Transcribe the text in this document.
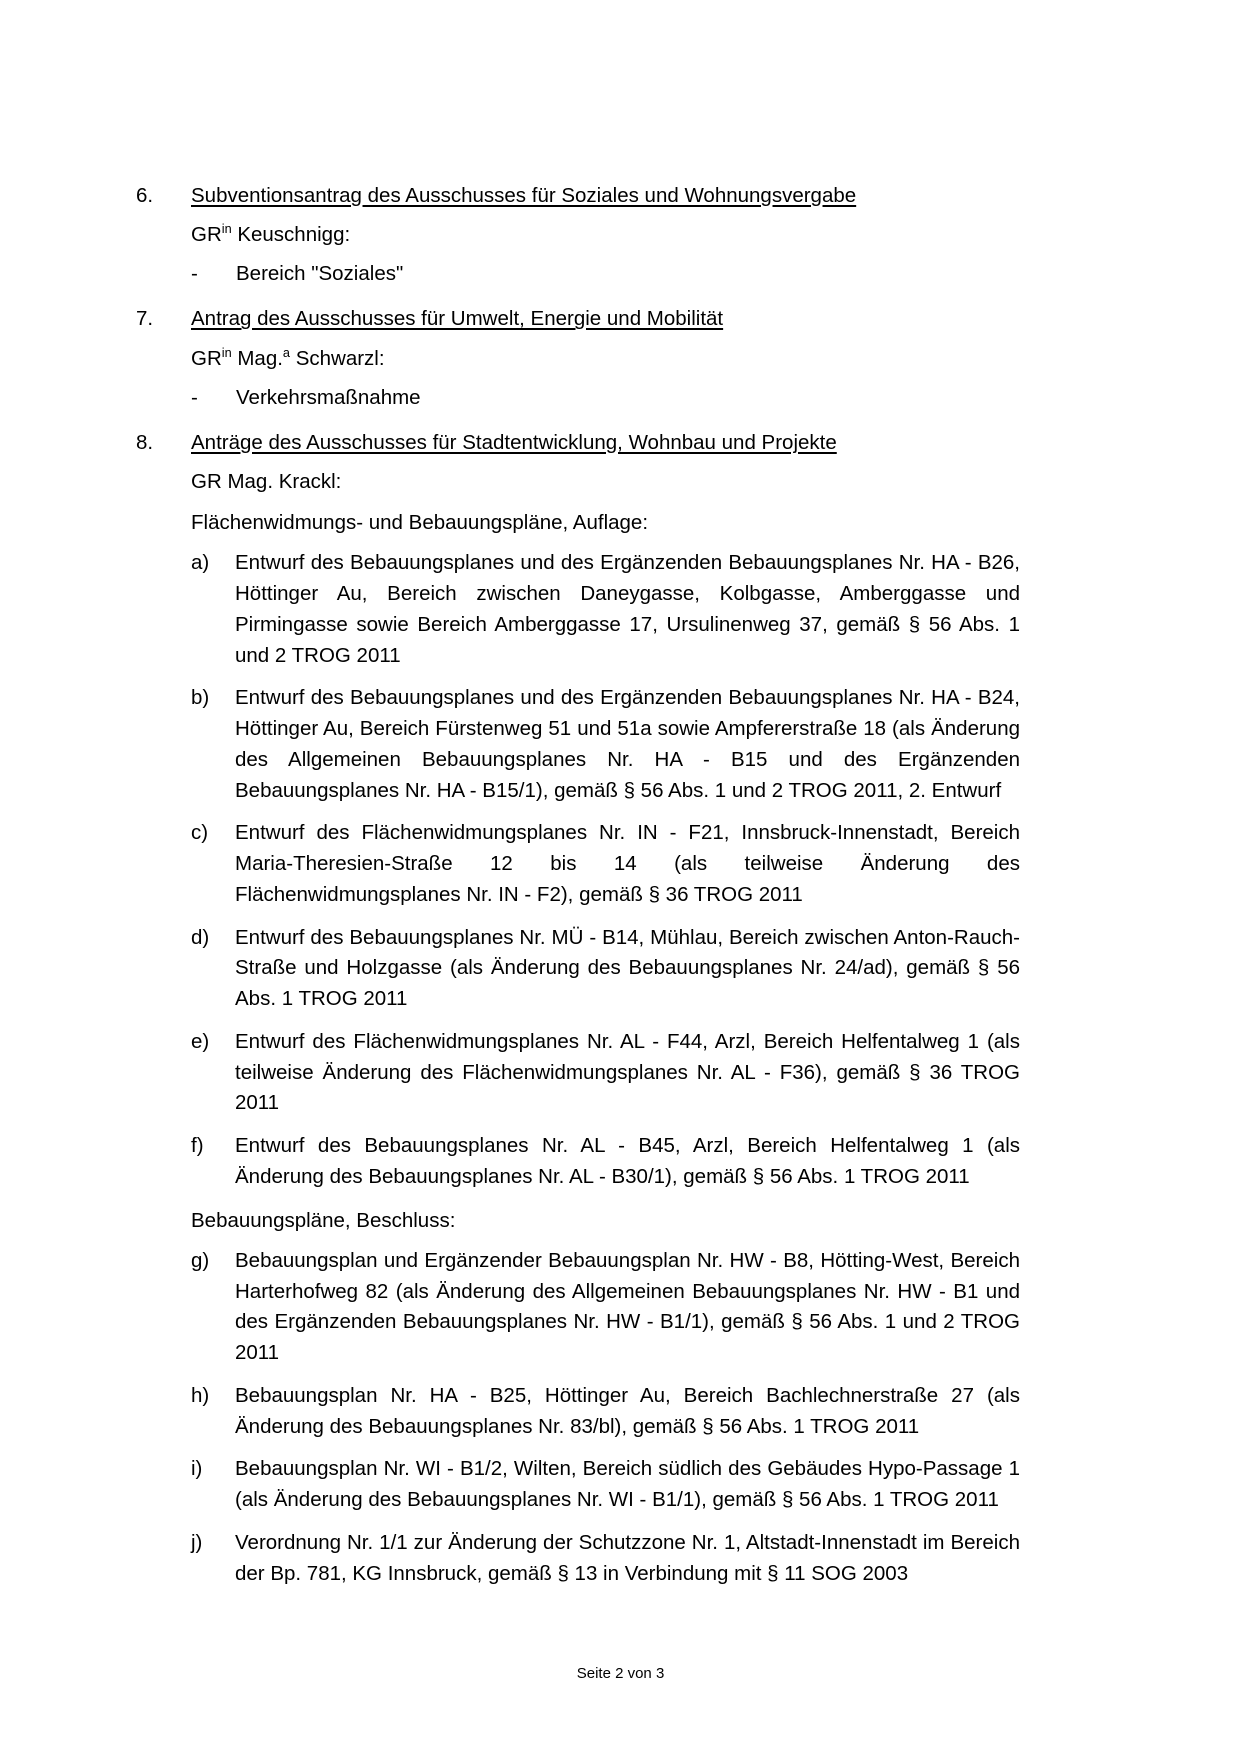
6.	Subventionsantrag des Ausschusses für Soziales und Wohnungsvergabe
$GR^{in}$ Keuschnigg:
-	Bereich "Soziales"
7.	Antrag des Ausschusses für Umwelt, Energie und Mobilität
$GR^{in}$ Mag.$^a$ Schwarzl:
-	Verkehrsmaßnahme
8.	Anträge des Ausschusses für Stadtentwicklung, Wohnbau und Projekte
GR Mag. Krackl:
Flächenwidmungs- und Bebauungspläne, Auflage:
a)	Entwurf des Bebauungsplanes und des Ergänzenden Bebauungsplanes Nr. HA - B26, Höttinger Au, Bereich zwischen Daneygasse, Kolbgasse, Amberggasse und Pirmingasse sowie Bereich Amberggasse 17, Ursulinenweg 37, gemäß § 56 Abs. 1 und 2 TROG 2011
b)	Entwurf des Bebauungsplanes und des Ergänzenden Bebauungsplanes Nr. HA - B24, Höttinger Au, Bereich Fürstenweg 51 und 51a sowie Ampfererstraße 18 (als Änderung des Allgemeinen Bebauungsplanes Nr. HA - B15 und des Ergänzenden Bebauungsplanes Nr. HA - B15/1), gemäß § 56 Abs. 1 und 2 TROG 2011, 2. Entwurf
c)	Entwurf des Flächenwidmungsplanes Nr. IN - F21, Innsbruck-Innenstadt, Bereich Maria-Theresien-Straße 12 bis 14 (als teilweise Änderung des Flächenwidmungsplanes Nr. IN - F2), gemäß § 36 TROG 2011
d)	Entwurf des Bebauungsplanes Nr. MÜ - B14, Mühlau, Bereich zwischen Anton-Rauch-Straße und Holzgasse (als Änderung des Bebauungsplanes Nr. 24/ad), gemäß § 56 Abs. 1 TROG 2011
e)	Entwurf des Flächenwidmungsplanes Nr. AL - F44, Arzl, Bereich Helfentalweg 1 (als teilweise Änderung des Flächenwidmungsplanes Nr. AL - F36), gemäß § 36 TROG 2011
f)	Entwurf des Bebauungsplanes Nr. AL - B45, Arzl, Bereich Helfentalweg 1 (als Änderung des Bebauungsplanes Nr. AL - B30/1), gemäß § 56 Abs. 1 TROG 2011
Bebauungspläne, Beschluss:
g)	Bebauungsplan und Ergänzender Bebauungsplan Nr. HW - B8, Hötting-West, Bereich Harterhofweg 82 (als Änderung des Allgemeinen Bebauungsplanes Nr. HW - B1 und des Ergänzenden Bebauungsplanes Nr. HW - B1/1), gemäß § 56 Abs. 1 und 2 TROG 2011
h)	Bebauungsplan Nr. HA - B25, Höttinger Au, Bereich Bachlechnerstraße 27 (als Änderung des Bebauungsplanes Nr. 83/bl), gemäß § 56 Abs. 1 TROG 2011
i)	Bebauungsplan Nr. WI - B1/2, Wilten, Bereich südlich des Gebäudes Hypo-Passage 1 (als Änderung des Bebauungsplanes Nr. WI - B1/1), gemäß § 56 Abs. 1 TROG 2011
j)	Verordnung Nr. 1/1 zur Änderung der Schutzzone Nr. 1, Altstadt-Innenstadt im Bereich der Bp. 781, KG Innsbruck, gemäß § 13 in Verbindung mit § 11 SOG 2003
Seite 2 von 3
